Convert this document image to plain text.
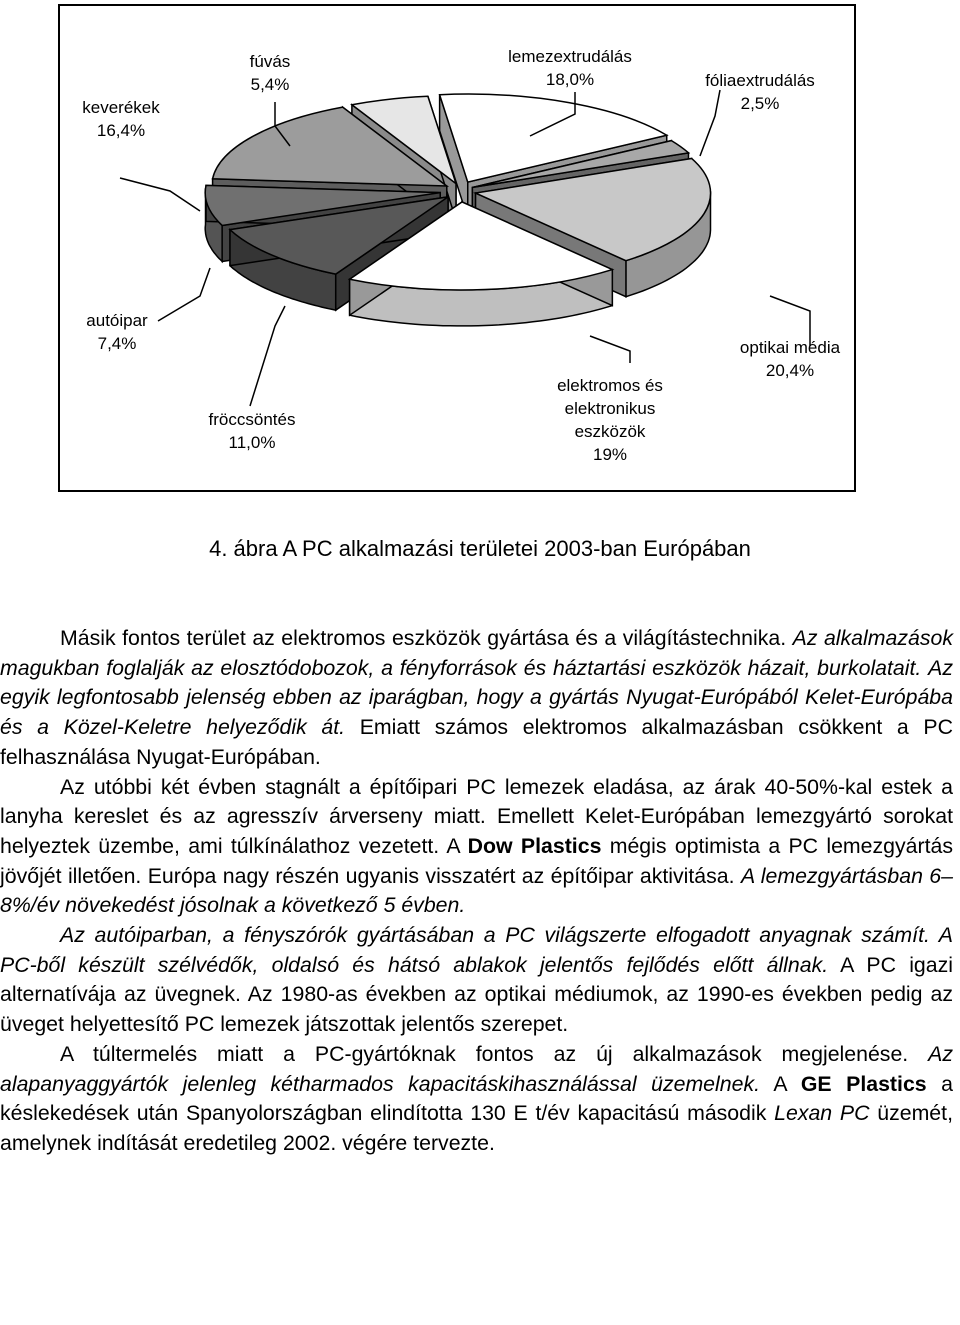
keverékek
16,4%
fúvás
5,4%
lemezextrudálás
18,0%	fóliaextrudálás
2,5%
autóipar
7,4%	optikai média
20,4%
elektromos és
elektronikus
eszközök
19%
fröccsöntés
11,0%
4. ábra A PC alkalmazási területei 2003-ban Európában

Másik fontos terület az elektromos eszközök gyártása és a világítástechnika. Az alkalmazások magukban foglalják az elosztódobozok, a fényforrások és háztartási eszközök házait, burkolatait. Az egyik legfontosabb jelenség ebben az iparágban, hogy a gyártás Nyugat-Európából Kelet-Európába és a Közel-Keletre helyeződik át. Emiatt számos elektromos alkalmazásban csökkent a PC felhasználása Nyugat-Európában.

Az utóbbi két évben stagnált a építőipari PC lemezek eladása, az árak 40-50%-kal estek a lanyha kereslet és az agresszív árverseny miatt. Emellett Kelet-Európában lemezgyártó sorokat helyeztek üzembe, ami túlkínálathoz vezetett. A Dow Plastics mégis optimista a PC lemezgyártás jövőjét illetően. Európa nagy részén ugyanis visszatért az építőipar aktivitása. A lemezgyártásban 6–8%/év növekedést jósolnak a következő 5 évben.

Az autóiparban, a fényszórók gyártásában a PC világszerte elfogadott anyagnak számít. A PC-ből készült szélvédők, oldalsó és hátsó ablakok jelentős fejlődés előtt állnak. A PC igazi alternatívája az üvegnek. Az 1980-as években az optikai médiumok, az 1990-es években pedig az üveget helyettesítő PC lemezek játszottak jelentős szerepet.

A túltermelés miatt a PC-gyártóknak fontos az új alkalmazások megjelenése. Az alapanyaggyártók jelenleg kétharmados kapacitáskihasználással üzemelnek. A GE Plastics a késlekedések után Spanyolországban elindította 130 E t/év kapacitású második Lexan PC üzemét, amelynek indítását eredetileg 2002. végére tervezte.
